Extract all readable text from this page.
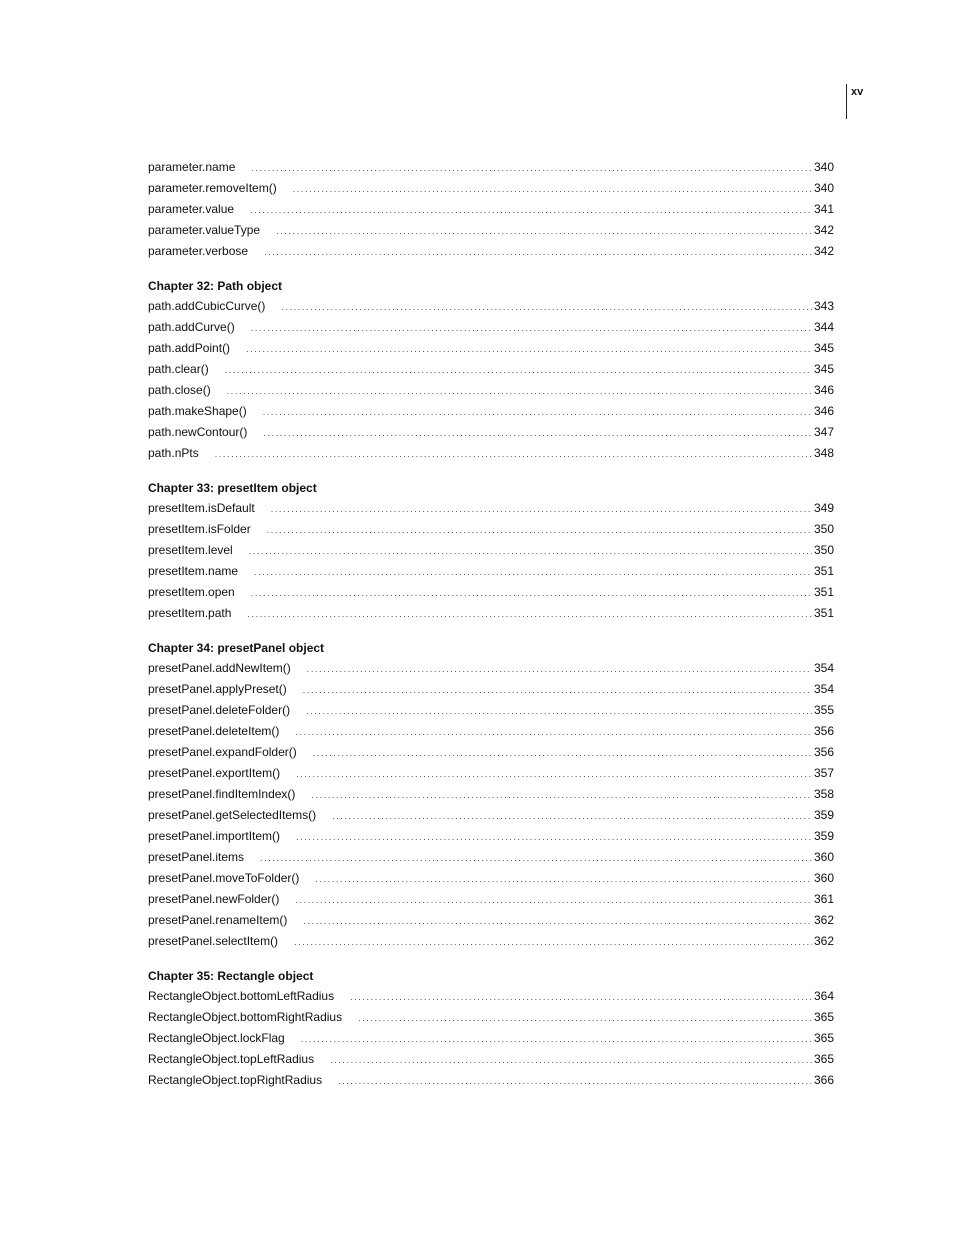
xv
parameter.name .....	340
parameter.removeItem() .....	340
parameter.value .....	341
parameter.valueType .....	342
parameter.verbose .....	342
Chapter 32: Path object
path.addCubicCurve() .....	343
path.addCurve() .....	344
path.addPoint() .....	345
path.clear() .....	345
path.close() .....	346
path.makeShape() .....	346
path.newContour() .....	347
path.nPts .....	348
Chapter 33: presetItem object
presetItem.isDefault .....	349
presetItem.isFolder .....	350
presetItem.level .....	350
presetItem.name .....	351
presetItem.open .....	351
presetItem.path .....	351
Chapter 34: presetPanel object
presetPanel.addNewItem() .....	354
presetPanel.applyPreset() .....	354
presetPanel.deleteFolder() .....	355
presetPanel.deleteItem() .....	356
presetPanel.expandFolder() .....	356
presetPanel.exportItem() .....	357
presetPanel.findItemIndex() .....	358
presetPanel.getSelectedItems() .....	359
presetPanel.importItem() .....	359
presetPanel.items .....	360
presetPanel.moveToFolder() .....	360
presetPanel.newFolder() .....	361
presetPanel.renameItem() .....	362
presetPanel.selectItem() .....	362
Chapter 35: Rectangle object
RectangleObject.bottomLeftRadius .....	364
RectangleObject.bottomRightRadius .....	365
RectangleObject.lockFlag .....	365
RectangleObject.topLeftRadius .....	365
RectangleObject.topRightRadius .....	366
